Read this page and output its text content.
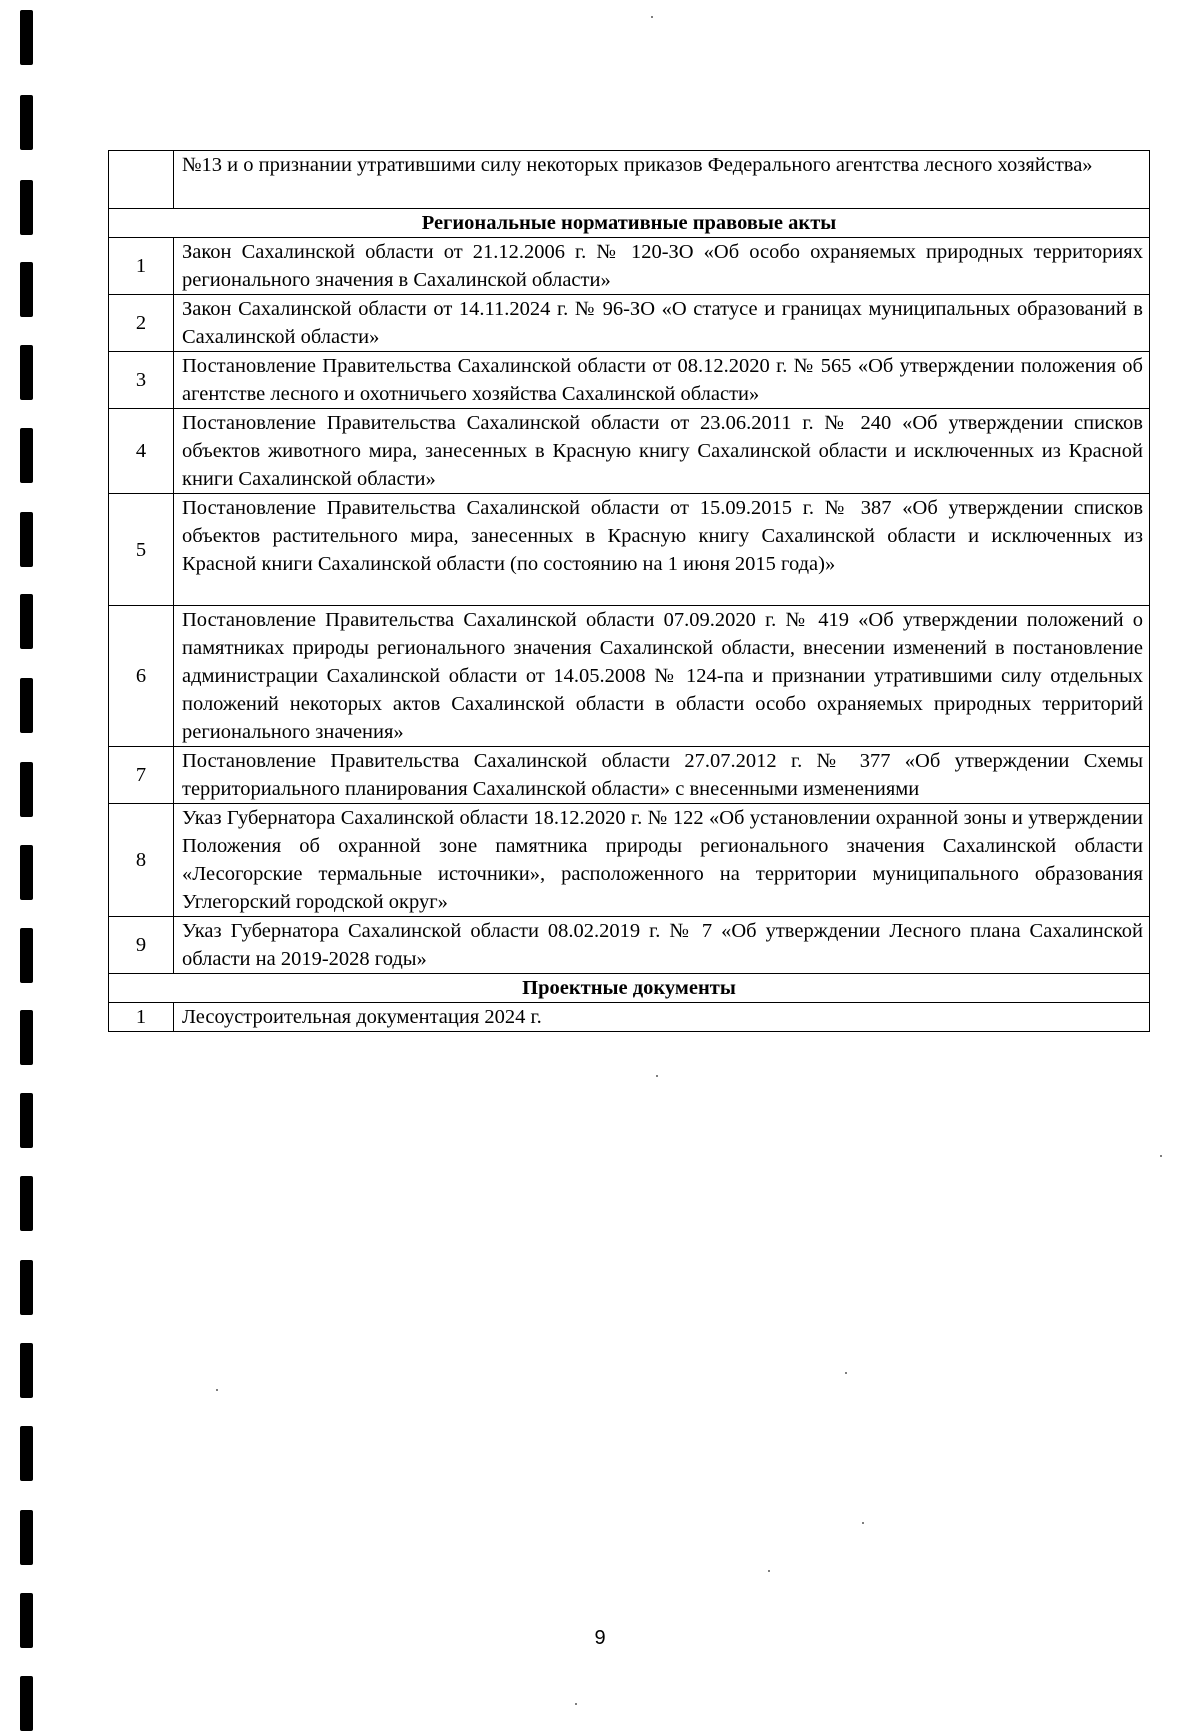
	№13 и о признании утратившими силу некоторых приказов Федерального агентства лесного хозяйства»
Региональные нормативные правовые акты	
1	Закон Сахалинской области от 21.12.2006 г. № 120-ЗО «Об особо охраняемых природных территориях регионального значения в Сахалинской области»
2	Закон Сахалинской области от 14.11.2024 г. № 96-ЗО «О статусе и границах муниципальных образований в Сахалинской области»
3	Постановление Правительства Сахалинской области от 08.12.2020 г. № 565 «Об утверждении положения об агентстве лесного и охотничьего хозяйства Сахалинской области»
4	Постановление Правительства Сахалинской области от 23.06.2011 г. № 240 «Об утверждении списков объектов животного мира, занесенных в Красную книгу Сахалинской области и исключенных из Красной книги Сахалинской области»
5	Постановление Правительства Сахалинской области от 15.09.2015 г. № 387 «Об утверждении списков объектов растительного мира, занесенных в Красную книгу Сахалинской области и исключенных из Красной книги Сахалинской области (по состоянию на 1 июня 2015 года)»
6	Постановление Правительства Сахалинской области 07.09.2020 г. № 419 «Об утверждении положений о памятниках природы регионального значения Сахалинской области, внесении изменений в постановление администрации Сахалинской области от 14.05.2008 № 124-па и признании утратившими силу отдельных положений некоторых актов Сахалинской области в области особо охраняемых природных территорий регионального значения»
7	Постановление Правительства Сахалинской области 27.07.2012 г. № 377 «Об утверждении Схемы территориального планирования Сахалинской области» с внесенными изменениями
8	Указ Губернатора Сахалинской области 18.12.2020 г. № 122 «Об установлении охранной зоны и утверждении Положения об охранной зоне памятника природы регионального значения Сахалинской области «Лесогорские термальные источники», расположенного на территории муниципального образования Углегорский городской округ»
9	Указ Губернатора Сахалинской области 08.02.2019 г. № 7 «Об утверждении Лесного плана Сахалинской области на 2019-2028 годы»
Проектные документы	
1	Лесоустроительная документация 2024 г.
9
